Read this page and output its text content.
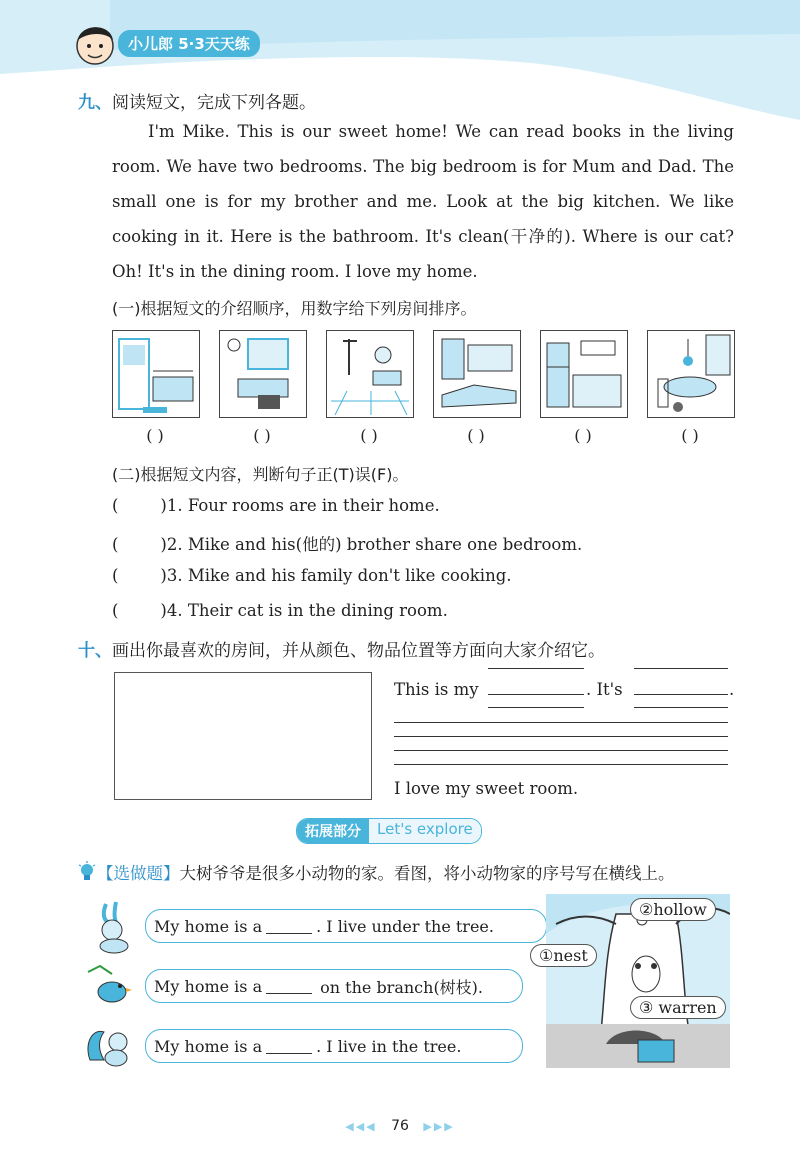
小儿郎 5·3天天练
九、阅读短文，完成下列各题。
I'm Mike. This is our sweet home! We can read books in the living room. We have two bedrooms. The big bedroom is for Mum and Dad. The small one is for my brother and me. Look at the big kitchen. We like cooking in it. Here is the bathroom. It's clean(干净的). Where is our cat? Oh! It's in the dining room. I love my home.
(一)根据短文的介绍顺序，用数字给下列房间排序。
( )	( )	( )	( )	( )	( )
(二)根据短文内容，判断句子正(T)误(F)。
(        )1. Four rooms are in their home.
(        )2. Mike and his(他的) brother share one bedroom.
(        )3. Mike and his family don't like cooking.
(        )4. Their cat is in the dining room.
十、画出你最喜欢的房间，并从颜色、物品位置等方面向大家介绍它。
This is my	. It's	.
I love my sweet room.
拓展部分	Let's explore
【选做题】大树爷爷是很多小动物的家。看图，将小动物家的序号写在横线上。
My home is a	. I live under the tree.
My home is a	on the branch(树枝).
My home is a	. I live in the tree.
②hollow
①nest
③ warren
◀◀◀ 76 ▶▶▶
